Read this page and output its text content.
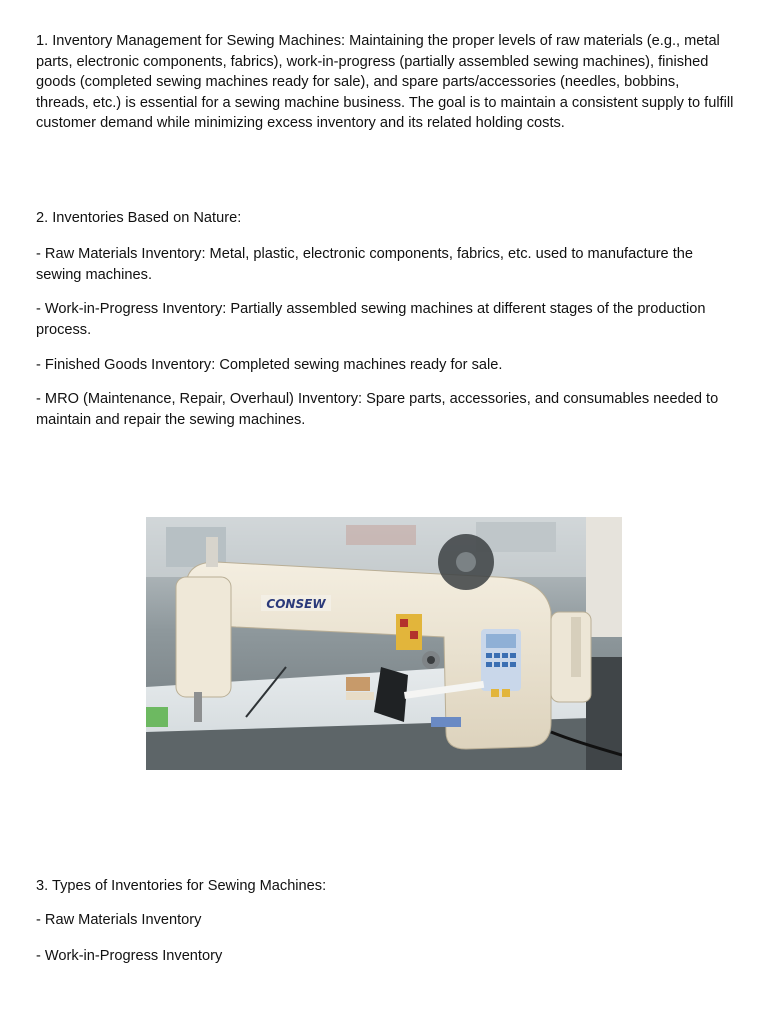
1. Inventory Management for Sewing Machines: Maintaining the proper levels of raw materials (e.g., metal parts, electronic components, fabrics), work-in-progress (partially assembled sewing machines), finished goods (completed sewing machines ready for sale), and spare parts/accessories (needles, bobbins, threads, etc.) is essential for a sewing machine business. The goal is to maintain a consistent supply to fulfill customer demand while minimizing excess inventory and its related holding costs.

2. Inventories Based on Nature:

- Raw Materials Inventory: Metal, plastic, electronic components, fabrics, etc. used to manufacture the sewing machines.

- Work-in-Progress Inventory: Partially assembled sewing machines at different stages of the production process.

- Finished Goods Inventory: Completed sewing machines ready for sale.

- MRO (Maintenance, Repair, Overhaul) Inventory: Spare parts, accessories, and consumables needed to maintain and repair the sewing machines.

CONSEW

3. Types of Inventories for Sewing Machines:

- Raw Materials Inventory

- Work-in-Progress Inventory
